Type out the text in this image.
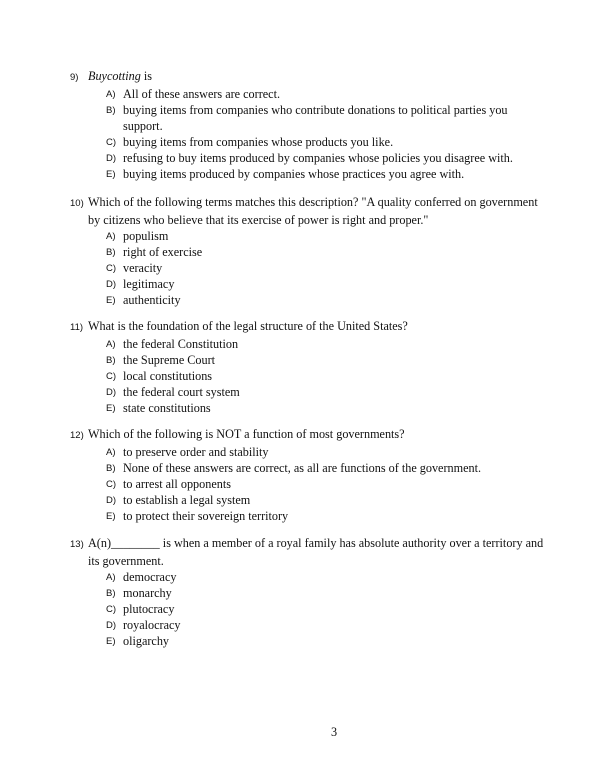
9) Buycotting is
A) All of these answers are correct.
B) buying items from companies who contribute donations to political parties you support.
C) buying items from companies whose products you like.
D) refusing to buy items produced by companies whose policies you disagree with.
E) buying items produced by companies whose practices you agree with.
10) Which of the following terms matches this description? "A quality conferred on government
by citizens who believe that its exercise of power is right and proper."
A) populism
B) right of exercise
C) veracity
D) legitimacy
E) authenticity
11) What is the foundation of the legal structure of the United States?
A) the federal Constitution
B) the Supreme Court
C) local constitutions
D) the federal court system
E) state constitutions
12) Which of the following is NOT a function of most governments?
A) to preserve order and stability
B) None of these answers are correct, as all are functions of the government.
C) to arrest all opponents
D) to establish a legal system
E) to protect their sovereign territory
13) A(n)________ is when a member of a royal family has absolute authority over a territory and
its government.
A) democracy
B) monarchy
C) plutocracy
D) royalocracy
E) oligarchy
3
